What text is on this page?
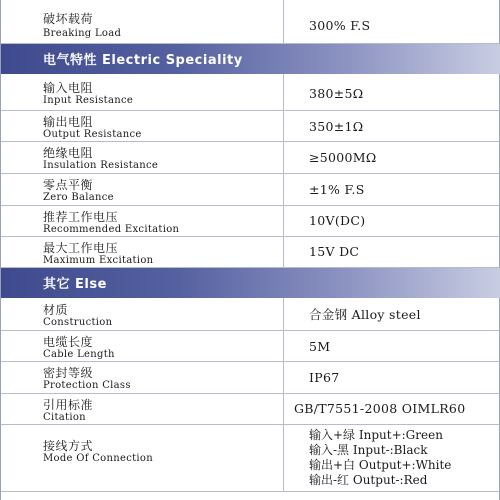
破坏载荷
Breaking Load
300% F.S
电气特性 Electric Speciality
输入电阻
Input Resistance	380±5Ω
输出电阻
Output Resistance
350±1Ω
绝缘电阻
Insulation Resistance
≥5000MΩ
零点平衡
Zero Balance
±1% F.S
推荐工作电压
Recommended Excitation
10V(DC)
最大工作电压
Maximum Excitation
15V DC
其它 Else
材质
Construction
合金钢 Alloy steel
电缆长度
Cable Length
5M
密封等级
Protection Class
IP67
引用标准
Citation
GB/T7551-2008 OIMLR60
接线方式
Mode Of Connection
输入+绿 Input+:Green
输入-黑 Input-:Black
输出+白 Output+:White
输出-红 Output-:Red
